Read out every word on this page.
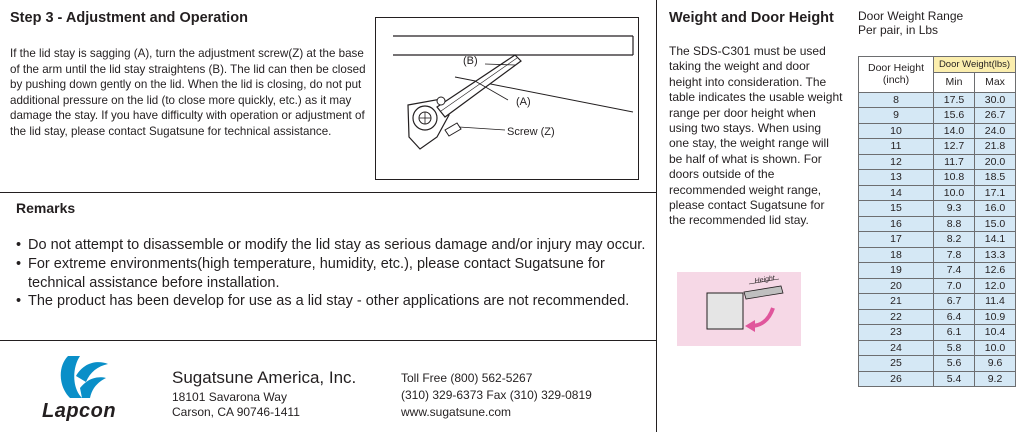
Step 3 - Adjustment and Operation
If the lid stay is sagging (A), turn the adjustment screw(Z) at the base of the arm until the lid stay straightens (B). The lid can then be closed by pushing down gently on the lid. When the lid is closing, do not put additional pressure on the lid (to close more quickly, etc.) as it may damage the stay. If you have difficulty with operation or adjustment of the lid stay, please contact Sugatsune for technical assistance.
(B)
(A)
Screw (Z)
Remarks
• Do not attempt to disassemble or modify the lid stay as serious damage and/or injury may occur.
• For extreme environments(high temperature, humidity, etc.), please contact Sugatsune for technical assistance before installation.
• The product has been develop for use as a lid stay - other applications are not recommended.
Lapcon
Sugatsune America, Inc.
18101 Savarona Way
Carson, CA 90746-1411
Toll Free (800) 562-5267
(310) 329-6373 Fax (310) 329-0819
www.sugatsune.com
Weight and Door Height
The SDS-C301 must be used taking the weight and door height into consideration. The table indicates the usable weight range per door height when using two stays. When using one stay, the weight range will be half of what is shown. For doors outside of the recommended weight range, please contact Sugatsune for the recommended lid stay.
Height
Door Weight Range
Per pair, in Lbs
Door Height (inch)	Door Weight(lbs)	
	Min	Max
8	17.5	30.0
9	15.6	26.7
10	14.0	24.0
11	12.7	21.8
12	11.7	20.0
13	10.8	18.5
14	10.0	17.1
15	9.3	16.0
16	8.8	15.0
17	8.2	14.1
18	7.8	13.3
19	7.4	12.6
20	7.0	12.0
21	6.7	11.4
22	6.4	10.9
23	6.1	10.4
24	5.8	10.0
25	5.6	9.6
26	5.4	9.2
